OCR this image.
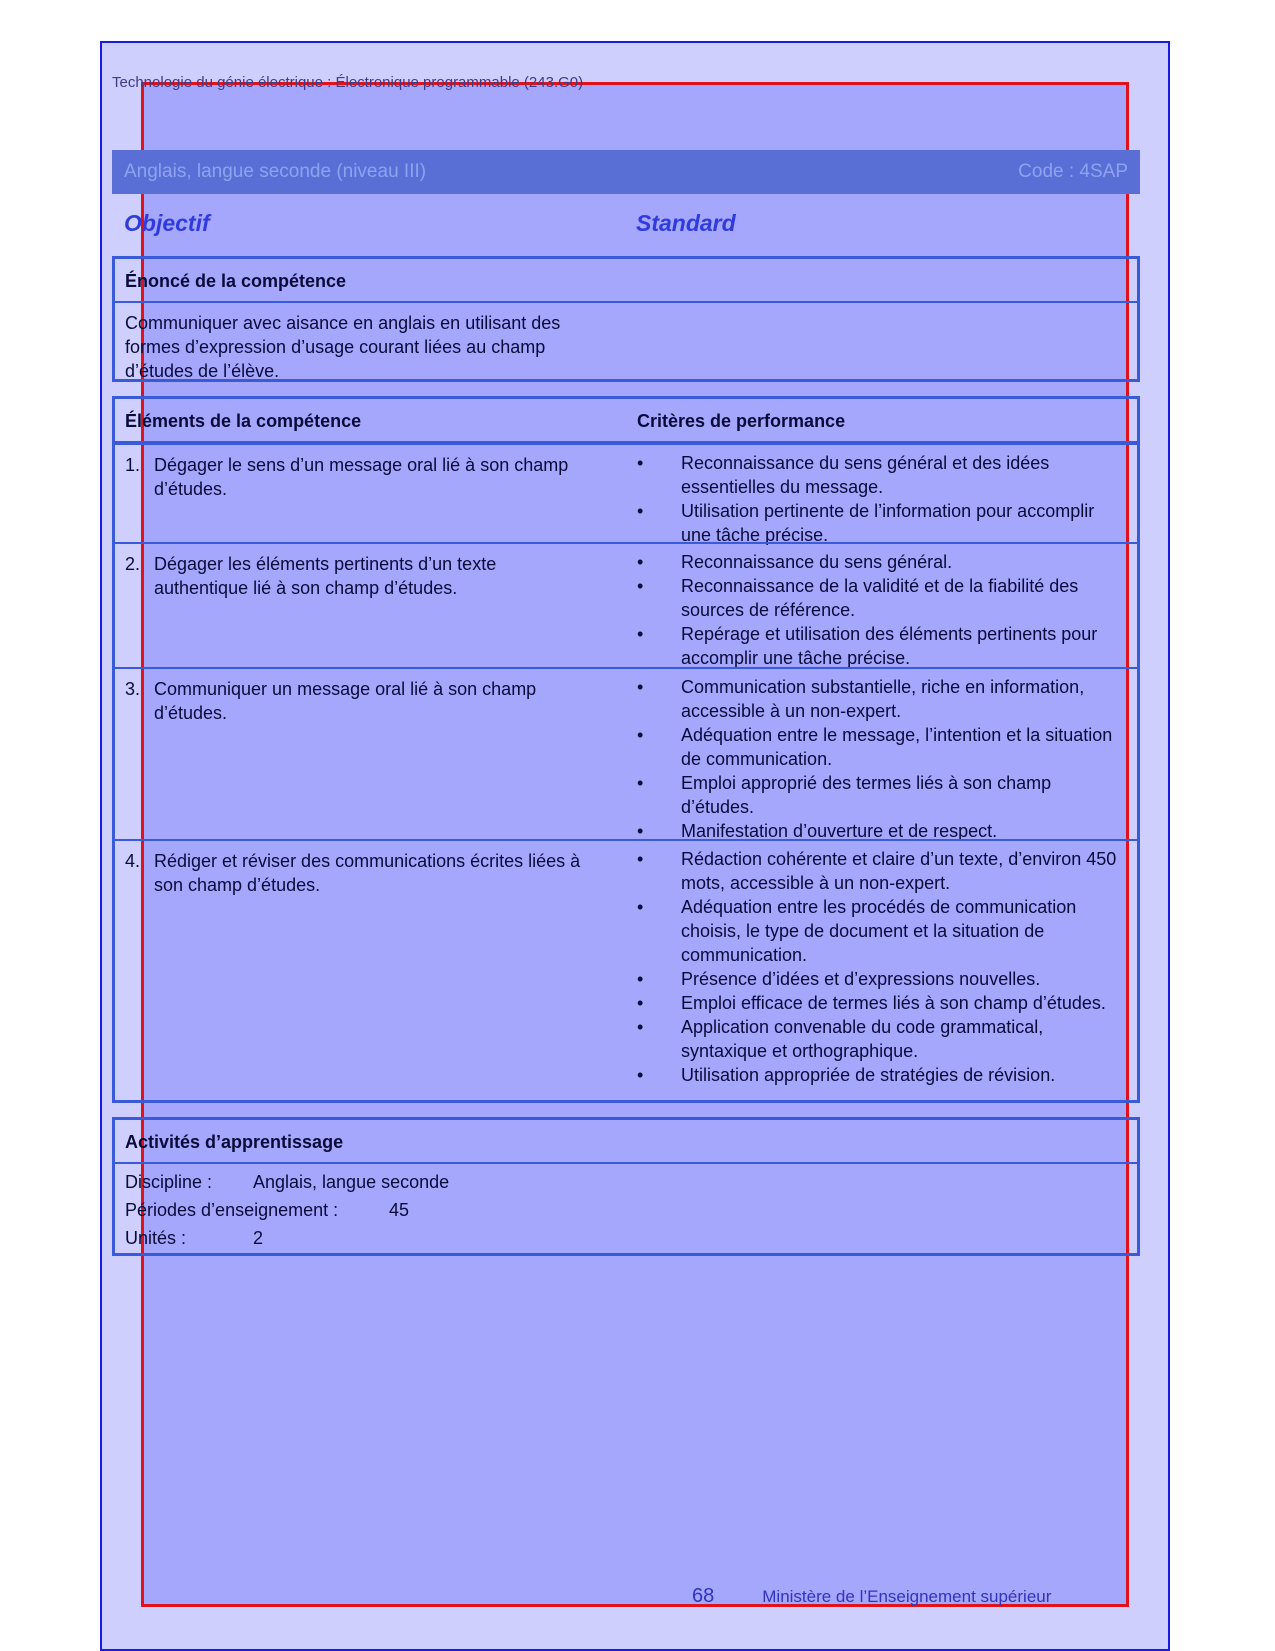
Technologie du génie électrique : Électronique programmable (243.G0)
Anglais, langue seconde (niveau III)	Code : 4SAP
Objectif	Standard
Énoncé de la compétence
Communiquer avec aisance en anglais en utilisant des formes d’expression d’usage courant liées au champ d’études de l’élève.
Éléments de la compétence	Critères de performance
1. Dégager le sens d’un message oral lié à son champ d’études.
• Reconnaissance du sens général et des idées essentielles du message.
• Utilisation pertinente de l’information pour accomplir une tâche précise.
2. Dégager les éléments pertinents d’un texte authentique lié à son champ d’études.
• Reconnaissance du sens général.
• Reconnaissance de la validité et de la fiabilité des sources de référence.
• Repérage et utilisation des éléments pertinents pour accomplir une tâche précise.
3. Communiquer un message oral lié à son champ d’études.
• Communication substantielle, riche en information, accessible à un non-expert.
• Adéquation entre le message, l’intention et la situation de communication.
• Emploi approprié des termes liés à son champ d’études.
• Manifestation d’ouverture et de respect.
4. Rédiger et réviser des communications écrites liées à son champ d’études.
• Rédaction cohérente et claire d’un texte, d’environ 450 mots, accessible à un non-expert.
• Adéquation entre les procédés de communication choisis, le type de document et la situation de communication.
• Présence d’idées et d’expressions nouvelles.
• Emploi efficace de termes liés à son champ d’études.
• Application convenable du code grammatical, syntaxique et orthographique.
• Utilisation appropriée de stratégies de révision.
Activités d’apprentissage
Discipline : Anglais, langue seconde
Périodes d’enseignement :	45
Unités :	2
68	Ministère de l’Enseignement supérieur
